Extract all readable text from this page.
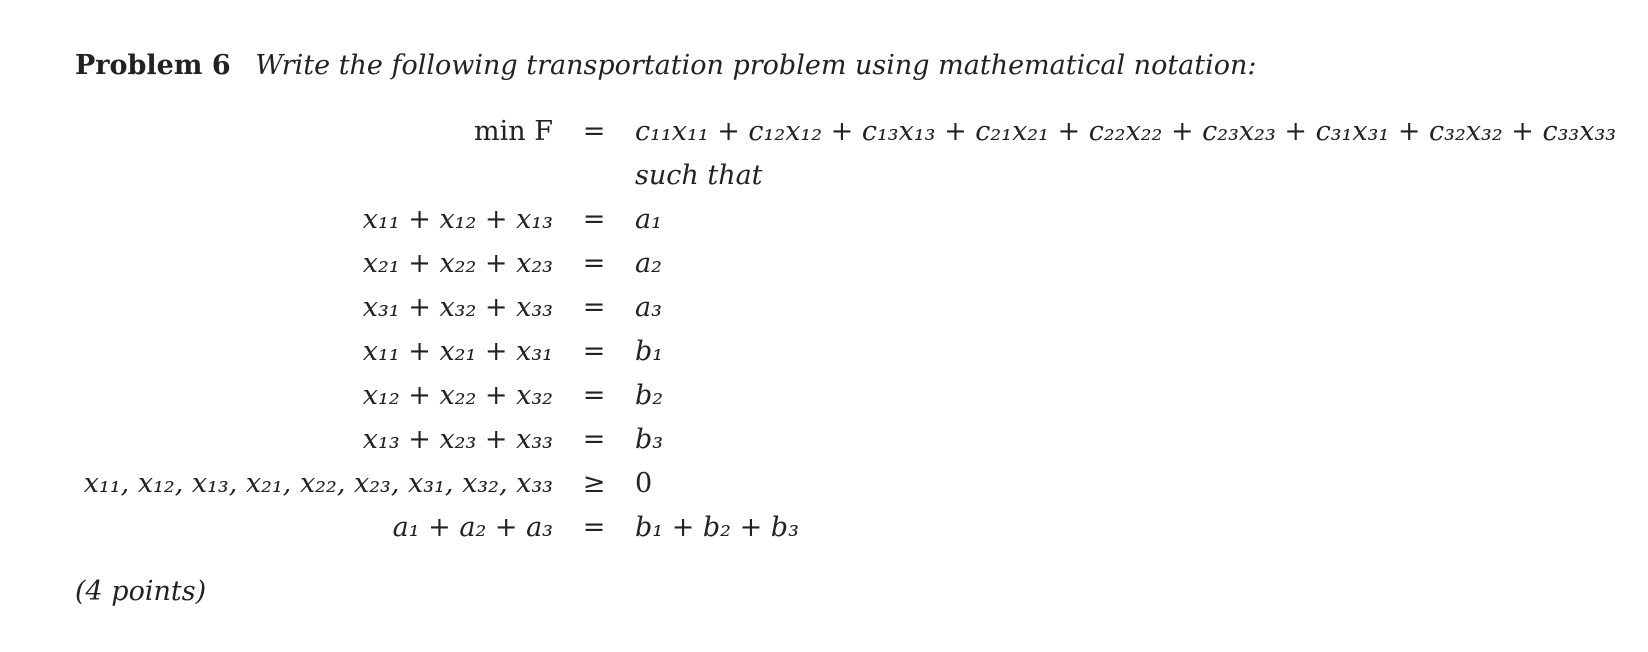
Problem 6 Write the following transportation problem using mathematical notation:
min F = c₁₁x₁₁ + c₁₂x₁₂ + c₁₃x₁₃ + c₂₁x₂₁ + c₂₂x₂₂ + c₂₃x₂₃ + c₃₁x₃₁ + c₃₂x₃₂ + c₃₃x₃₃
such that
x₁₁ + x₁₂ + x₁₃ = a₁
x₂₁ + x₂₂ + x₂₃ = a₂
x₃₁ + x₃₂ + x₃₃ = a₃
x₁₁ + x₂₁ + x₃₁ = b₁
x₁₂ + x₂₂ + x₃₂ = b₂
x₁₃ + x₂₃ + x₃₃ = b₃
x₁₁, x₁₂, x₁₃, x₂₁, x₂₂, x₂₃, x₃₁, x₃₂, x₃₃ ≥ 0
a₁ + a₂ + a₃ = b₁ + b₂ + b₃
(4 points)
